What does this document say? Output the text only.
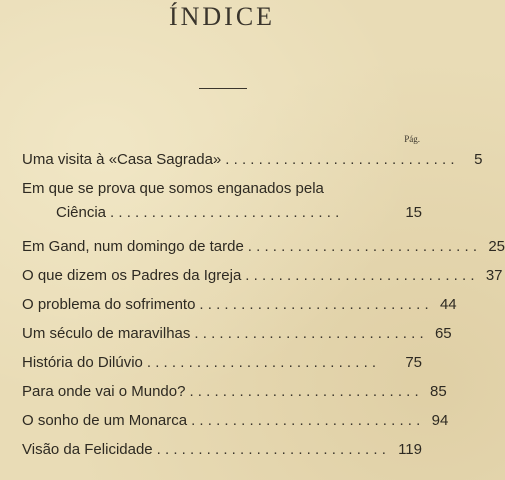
ÍNDICE
Pág.
Uma visita à «Casa Sagrada» . . . . . . . . . . . . . . . . . . . . . . . . . . . .	5
Em que se prova que somos enganados pela
Ciência . . . . . . . . . . . . . . . . . . . . . . . . . . . .	15
Em Gand, num domingo de tarde . . . . . . . . . . . . . . . . . . . . . . . . . . . . 25
O que dizem os Padres da Igreja . . . . . . . . . . . . . . . . . . . . . . . . . . . . 37
O problema do sofrimento . . . . . . . . . . . . . . . . . . . . . . . . . . . . 44
Um século de maravilhas . . . . . . . . . . . . . . . . . . . . . . . . . . . . 65
História do Dilúvio . . . . . . . . . . . . . . . . . . . . . . . . . . . .	75
Para onde vai o Mundo? . . . . . . . . . . . . . . . . . . . . . . . . . . . . 85
O sonho de um Monarca . . . . . . . . . . . . . . . . . . . . . . . . . . . . 94
Visão da Felicidade . . . . . . . . . . . . . . . . . . . . . . . . . . . . 119
